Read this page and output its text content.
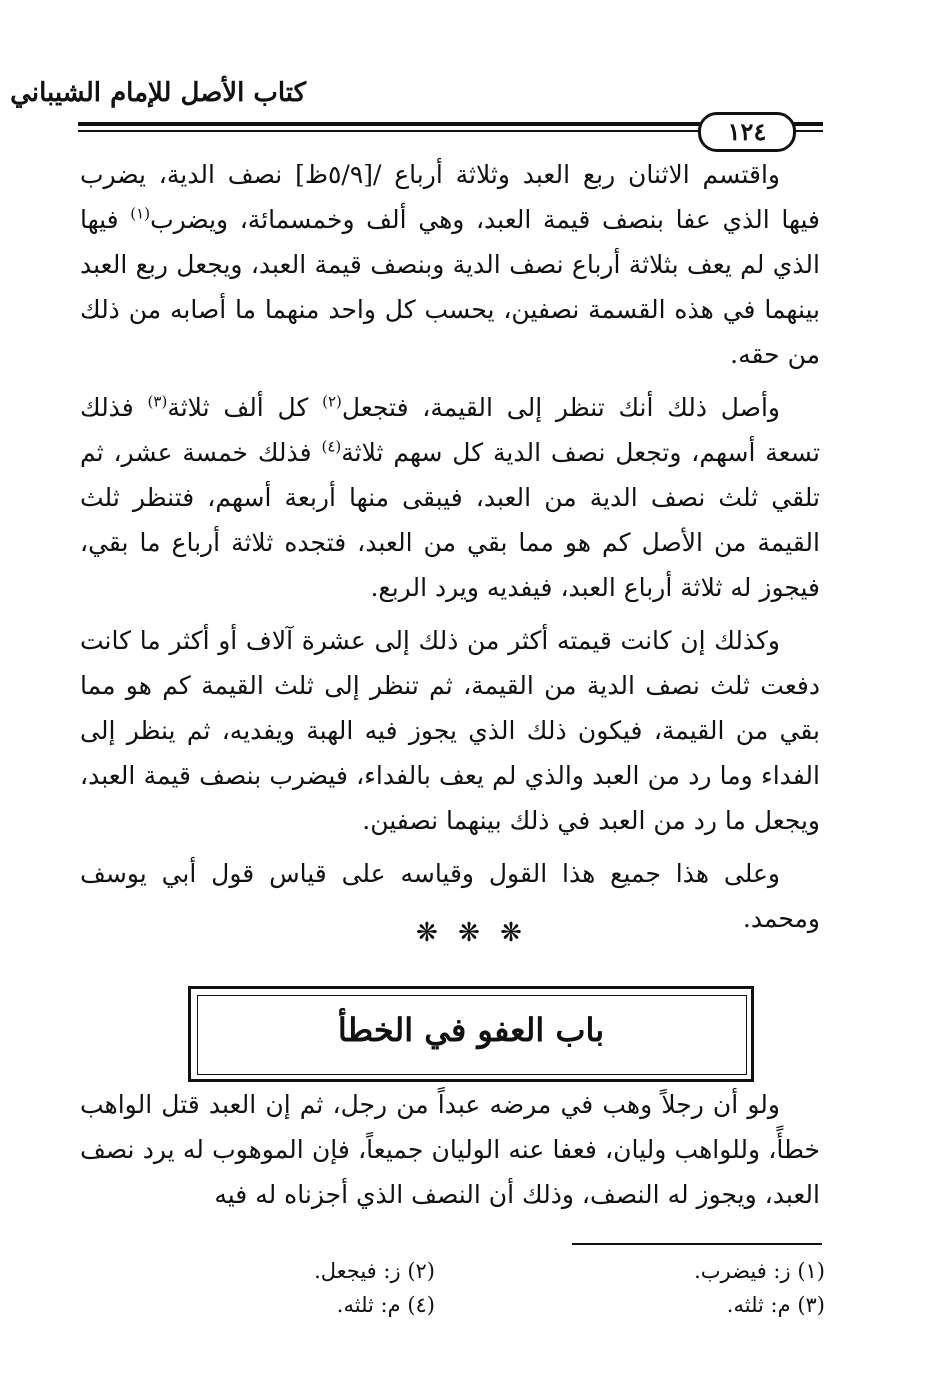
كتاب الأصل للإمام الشيباني
١٢٤

واقتسم الاثنان ربع العبد وثلاثة أرباع /[٥/٩ظ] نصف الدية، يضرب فيها الذي عفا بنصف قيمة العبد، وهي ألف وخمسمائة، ويضرب$^{(١)}$ فيها الذي لم يعف بثلاثة أرباع نصف الدية وبنصف قيمة العبد، ويجعل ربع العبد بينهما في هذه القسمة نصفين، يحسب كل واحد منهما ما أصابه من ذلك من حقه.

وأصل ذلك أنك تنظر إلى القيمة، فتجعل$^{(٢)}$ كل ألف ثلاثة$^{(٣)}$ فذلك تسعة أسهم، وتجعل نصف الدية كل سهم ثلاثة$^{(٤)}$ فذلك خمسة عشر، ثم تلقي ثلث نصف الدية من العبد، فيبقى منها أربعة أسهم، فتنظر ثلث القيمة من الأصل كم هو مما بقي من العبد، فتجده ثلاثة أرباع ما بقي، فيجوز له ثلاثة أرباع العبد، فيفديه ويرد الربع.

وكذلك إن كانت قيمته أكثر من ذلك إلى عشرة آلاف أو أكثر ما كانت دفعت ثلث نصف الدية من القيمة، ثم تنظر إلى ثلث القيمة كم هو مما بقي من القيمة، فيكون ذلك الذي يجوز فيه الهبة ويفديه، ثم ينظر إلى الفداء وما رد من العبد والذي لم يعف بالفداء، فيضرب بنصف قيمة العبد، ويجعل ما رد من العبد في ذلك بينهما نصفين.

وعلى هذا جميع هذا القول وقياسه على قياس قول أبي يوسف ومحمد.

❋ ❋ ❋
باب العفو في الخطأ

ولو أن رجلاً وهب في مرضه عبداً من رجل، ثم إن العبد قتل الواهب خطأً، وللواهب وليان، فعفا عنه الوليان جميعاً، فإن الموهوب له يرد نصف العبد، ويجوز له النصف، وذلك أن النصف الذي أجزناه له فيه

(١) ز: فيضرب.
(٢) ز: فيجعل.
(٣) م: ثلثه.
(٤) م: ثلثه.
